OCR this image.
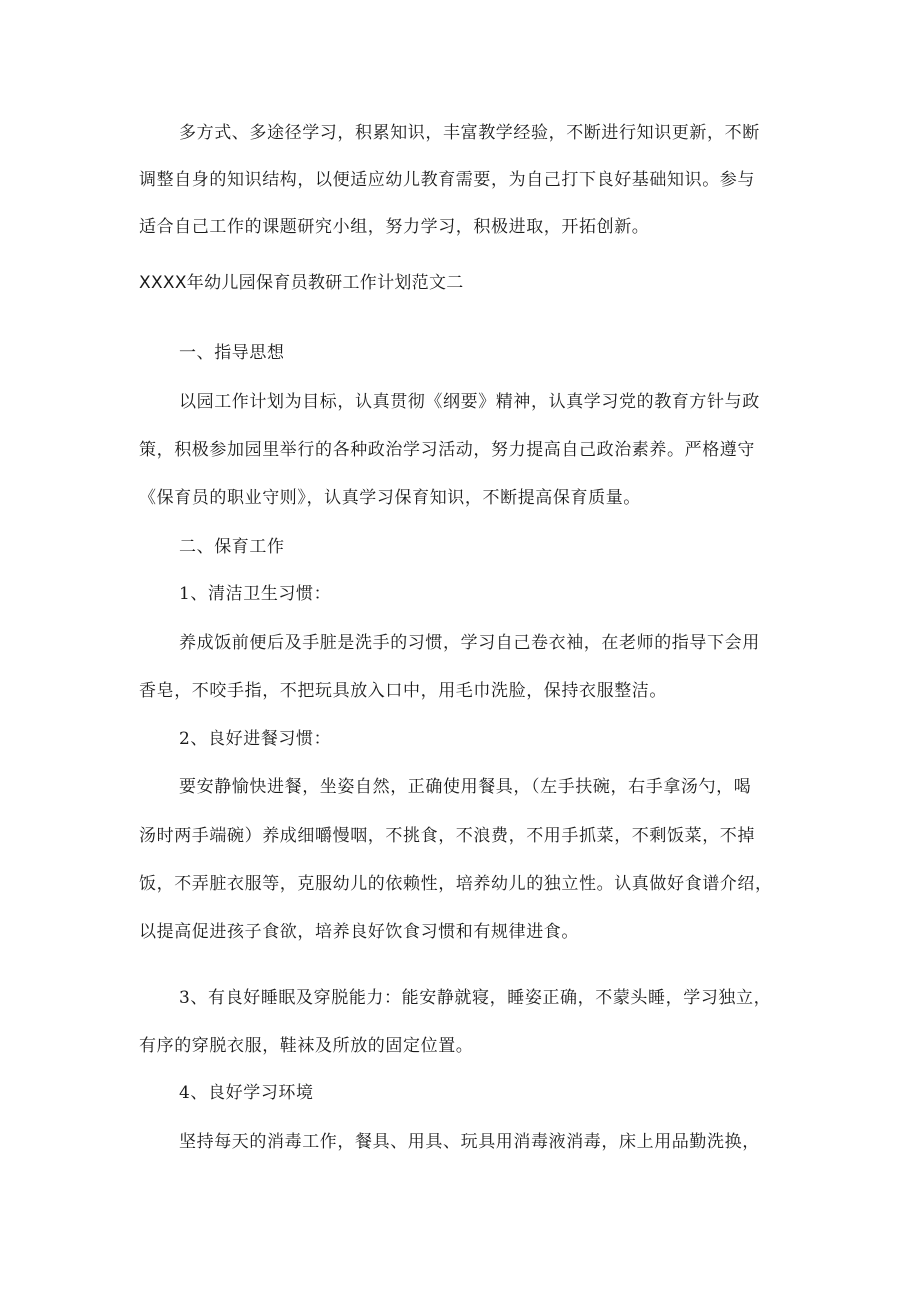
多方式、多途径学习，积累知识，丰富教学经验，不断进行知识更新，不断
调整自身的知识结构，以便适应幼儿教育需要，为自己打下良好基础知识。参与
适合自己工作的课题研究小组，努力学习，积极进取，开拓创新。
XXXX年幼儿园保育员教研工作计划范文二
一、指导思想
以园工作计划为目标，认真贯彻《纲要》精神，认真学习党的教育方针与政
策，积极参加园里举行的各种政治学习活动，努力提高自己政治素养。严格遵守
《保育员的职业守则》，认真学习保育知识，不断提高保育质量。
二、保育工作
1、清洁卫生习惯：
养成饭前便后及手脏是洗手的习惯，学习自己卷衣袖，在老师的指导下会用
香皂，不咬手指，不把玩具放入口中，用毛巾洗脸，保持衣服整洁。
2、良好进餐习惯：
要安静愉快进餐，坐姿自然，正确使用餐具，（左手扶碗，右手拿汤勺，喝
汤时两手端碗）养成细嚼慢咽，不挑食，不浪费，不用手抓菜，不剩饭菜，不掉
饭，不弄脏衣服等，克服幼儿的依赖性，培养幼儿的独立性。认真做好食谱介绍，
以提高促进孩子食欲，培养良好饮食习惯和有规律进食。
3、有良好睡眠及穿脱能力：能安静就寝，睡姿正确，不蒙头睡，学习独立，
有序的穿脱衣服，鞋袜及所放的固定位置。
4、良好学习环境
坚持每天的消毒工作，餐具、用具、玩具用消毒液消毒，床上用品勤洗换，
